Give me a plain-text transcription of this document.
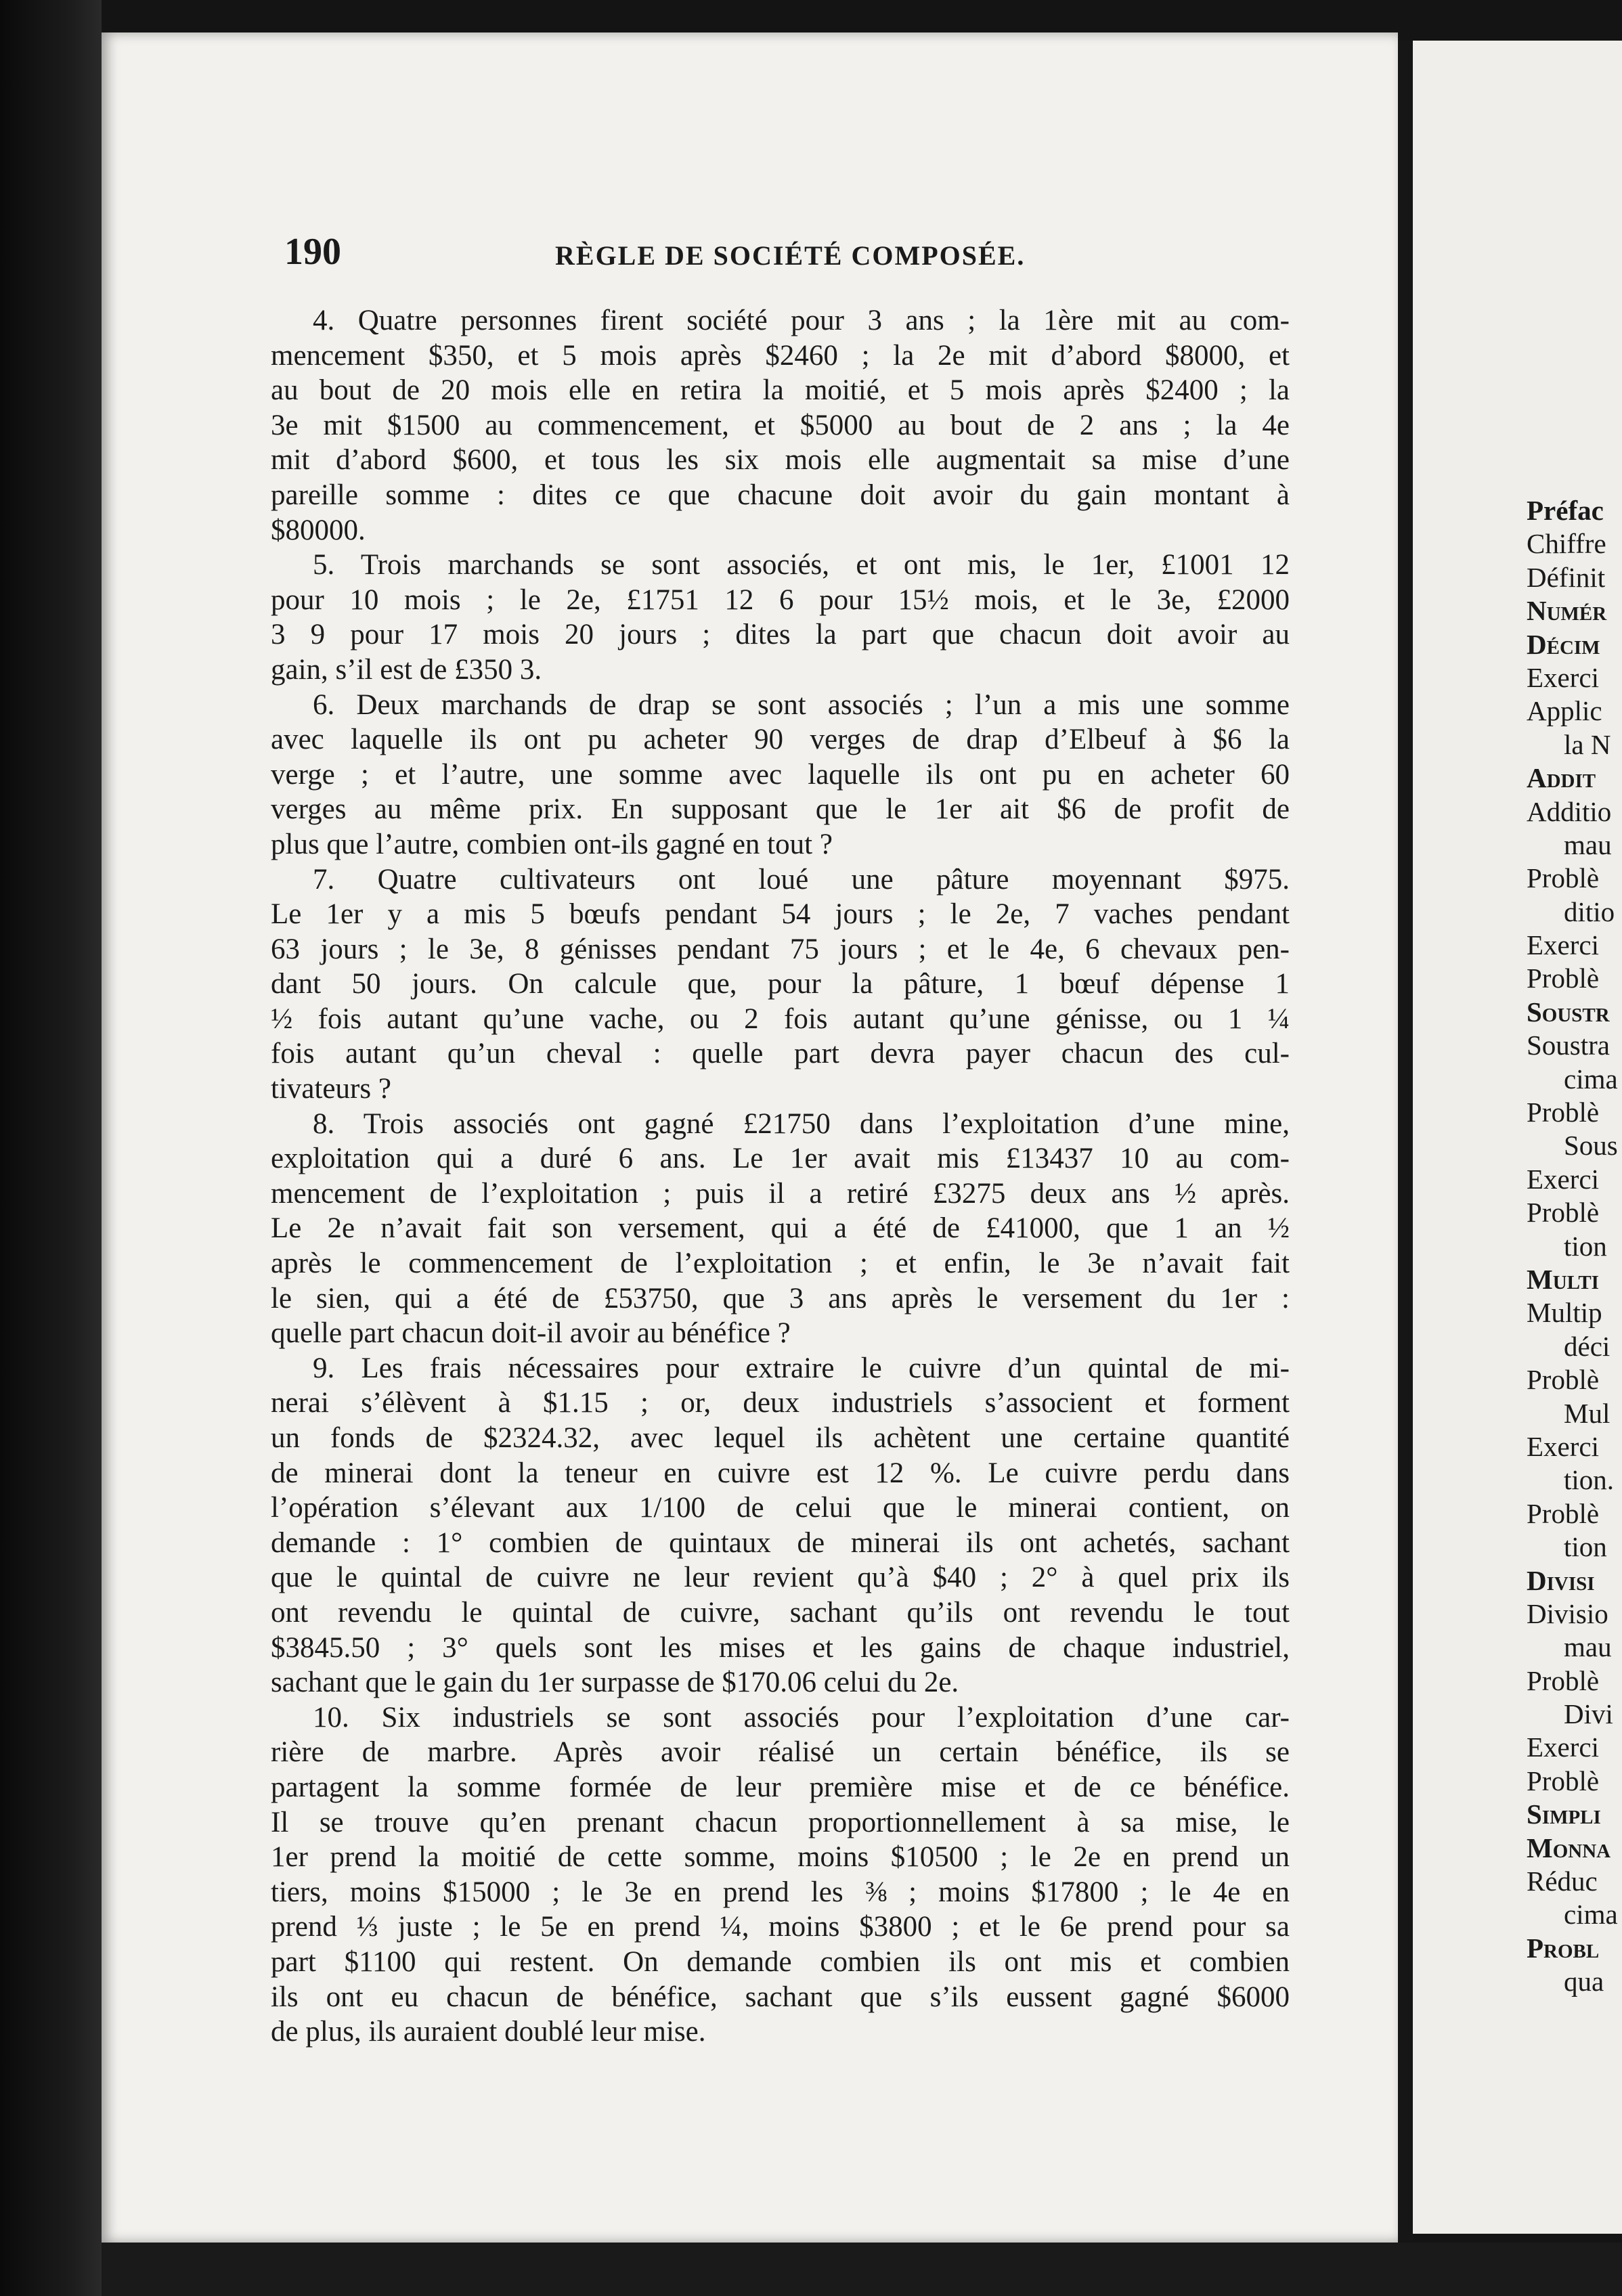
190	RÈGLE DE SOCIÉTÉ COMPOSÉE.
4. Quatre personnes firent société pour 3 ans ; la 1ère mit au com-
mencement $350, et 5 mois après $2460 ; la 2e mit d’abord $8000, et
au bout de 20 mois elle en retira la moitié, et 5 mois après $2400 ; la
3e mit $1500 au commencement, et $5000 au bout de 2 ans ; la 4e
mit d’abord $600, et tous les six mois elle augmentait sa mise d’une
pareille somme : dites ce que chacune doit avoir du gain montant à
$80000.
5. Trois marchands se sont associés, et ont mis, le 1er, £1001 12
pour 10 mois ; le 2e, £1751 12 6 pour 15½ mois, et le 3e, £2000
3 9 pour 17 mois 20 jours ; dites la part que chacun doit avoir au
gain, s’il est de £350 3.
6. Deux marchands de drap se sont associés ; l’un a mis une somme
avec laquelle ils ont pu acheter 90 verges de drap d’Elbeuf à $6 la
verge ; et l’autre, une somme avec laquelle ils ont pu en acheter 60
verges au même prix. En supposant que le 1er ait $6 de profit de
plus que l’autre, combien ont-ils gagné en tout ?
7. Quatre cultivateurs ont loué une pâture moyennant $975.
Le 1er y a mis 5 bœufs pendant 54 jours ; le 2e, 7 vaches pendant
63 jours ; le 3e, 8 génisses pendant 75 jours ; et le 4e, 6 chevaux pen-
dant 50 jours. On calcule que, pour la pâture, 1 bœuf dépense 1
½ fois autant qu’une vache, ou 2 fois autant qu’une génisse, ou 1 ¼
fois autant qu’un cheval : quelle part devra payer chacun des cul-
tivateurs ?
8. Trois associés ont gagné £21750 dans l’exploitation d’une mine,
exploitation qui a duré 6 ans. Le 1er avait mis £13437 10 au com-
mencement de l’exploitation ; puis il a retiré £3275 deux ans ½ après.
Le 2e n’avait fait son versement, qui a été de £41000, que 1 an ½
après le commencement de l’exploitation ; et enfin, le 3e n’avait fait
le sien, qui a été de £53750, que 3 ans après le versement du 1er :
quelle part chacun doit-il avoir au bénéfice ?
9. Les frais nécessaires pour extraire le cuivre d’un quintal de mi-
nerai s’élèvent à $1.15 ; or, deux industriels s’associent et forment
un fonds de $2324.32, avec lequel ils achètent une certaine quantité
de minerai dont la teneur en cuivre est 12 %. Le cuivre perdu dans
l’opération s’élevant aux 1/100 de celui que le minerai contient, on
demande : 1° combien de quintaux de minerai ils ont achetés, sachant
que le quintal de cuivre ne leur revient qu’à $40 ; 2° à quel prix ils
ont revendu le quintal de cuivre, sachant qu’ils ont revendu le tout
$3845.50 ; 3° quels sont les mises et les gains de chaque industriel,
sachant que le gain du 1er surpasse de $170.06 celui du 2e.
10. Six industriels se sont associés pour l’exploitation d’une car-
rière de marbre. Après avoir réalisé un certain bénéfice, ils se
partagent la somme formée de leur première mise et de ce bénéfice.
Il se trouve qu’en prenant chacun proportionnellement à sa mise, le
1er prend la moitié de cette somme, moins $10500 ; le 2e en prend un
tiers, moins $15000 ; le 3e en prend les ⅜ ; moins $17800 ; le 4e en
prend ⅓ juste ; le 5e en prend ¼, moins $3800 ; et le 6e prend pour sa
part $1100 qui restent. On demande combien ils ont mis et combien
ils ont eu chacun de bénéfice, sachant que s’ils eussent gagné $6000
de plus, ils auraient doublé leur mise.
Préfac
Chiffre
Définit
Numér
Décim
Exerci
Applic
la N
Addit
Additio
mau
Problè
ditio
Exerci
Problè
Soustr
Soustra
cima
Problè
Sous
Exerci
Problè
tion
Multi
Multip
déci
Problè
Mul
Exerci
tion.
Problè
tion
Divisi
Divisio
mau
Problè
Divi
Exerci
Problè
Simpli
Monna
Réduc
cima
Probl
qua
